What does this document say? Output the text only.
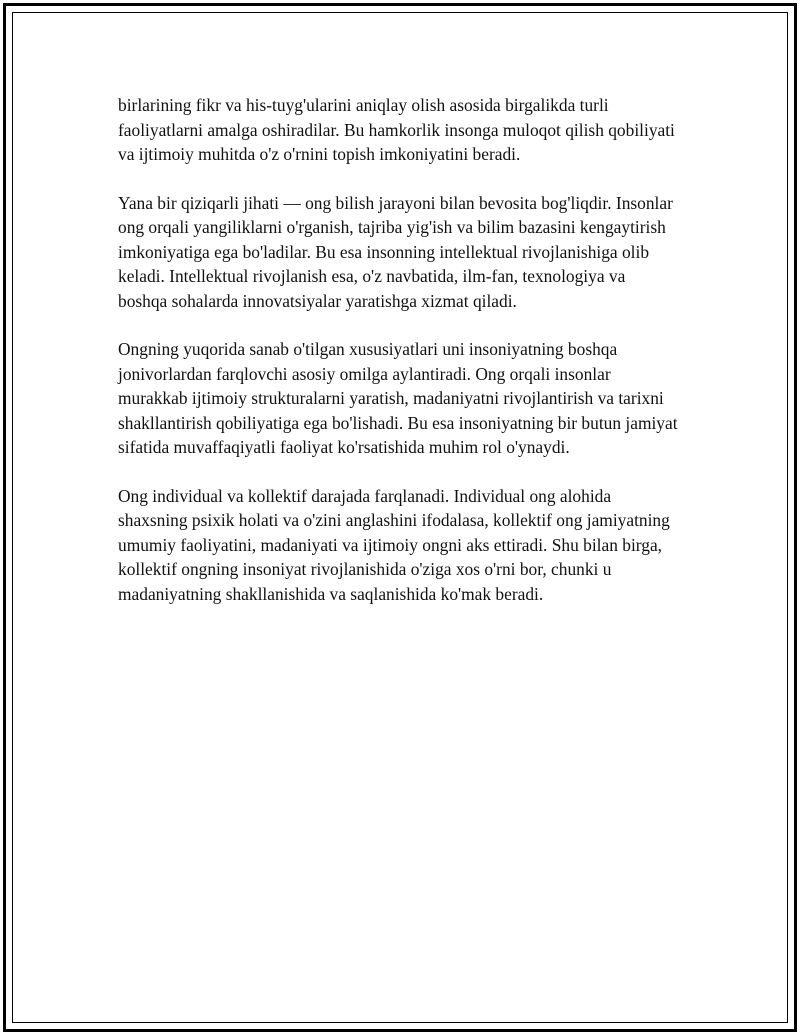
birlarining fikr va his-tuyg'ularini aniqlay olish asosida birgalikda turli faoliyatlarni amalga oshiradilar. Bu hamkorlik insonga muloqot qilish qobiliyati va ijtimoiy muhitda o'z o'rnini topish imkoniyatini beradi.

Yana bir qiziqarli jihati — ong bilish jarayoni bilan bevosita bog'liqdir. Insonlar ong orqali yangiliklarni o'rganish, tajriba yig'ish va bilim bazasini kengaytirish imkoniyatiga ega bo'ladilar. Bu esa insonning intellektual rivojlanishiga olib keladi. Intellektual rivojlanish esa, o'z navbatida, ilm-fan, texnologiya va boshqa sohalarda innovatsiyalar yaratishga xizmat qiladi.

Ongning yuqorida sanab o'tilgan xususiyatlari uni insoniyatning boshqa jonivorlardan farqlovchi asosiy omilga aylantiradi. Ong orqali insonlar murakkab ijtimoiy strukturalarni yaratish, madaniyatni rivojlantirish va tarixni shakllantirish qobiliyatiga ega bo'lishadi. Bu esa insoniyatning bir butun jamiyat sifatida muvaffaqiyatli faoliyat ko'rsatishida muhim rol o'ynaydi.

Ong individual va kollektif darajada farqlanadi. Individual ong alohida shaxsning psixik holati va o'zini anglashini ifodalasa, kollektif ong jamiyatning umumiy faoliyatini, madaniyati va ijtimoiy ongni aks ettiradi. Shu bilan birga, kollektif ongning insoniyat rivojlanishida o'ziga xos o'rni bor, chunki u madaniyatning shakllanishida va saqlanishida ko'mak beradi.
